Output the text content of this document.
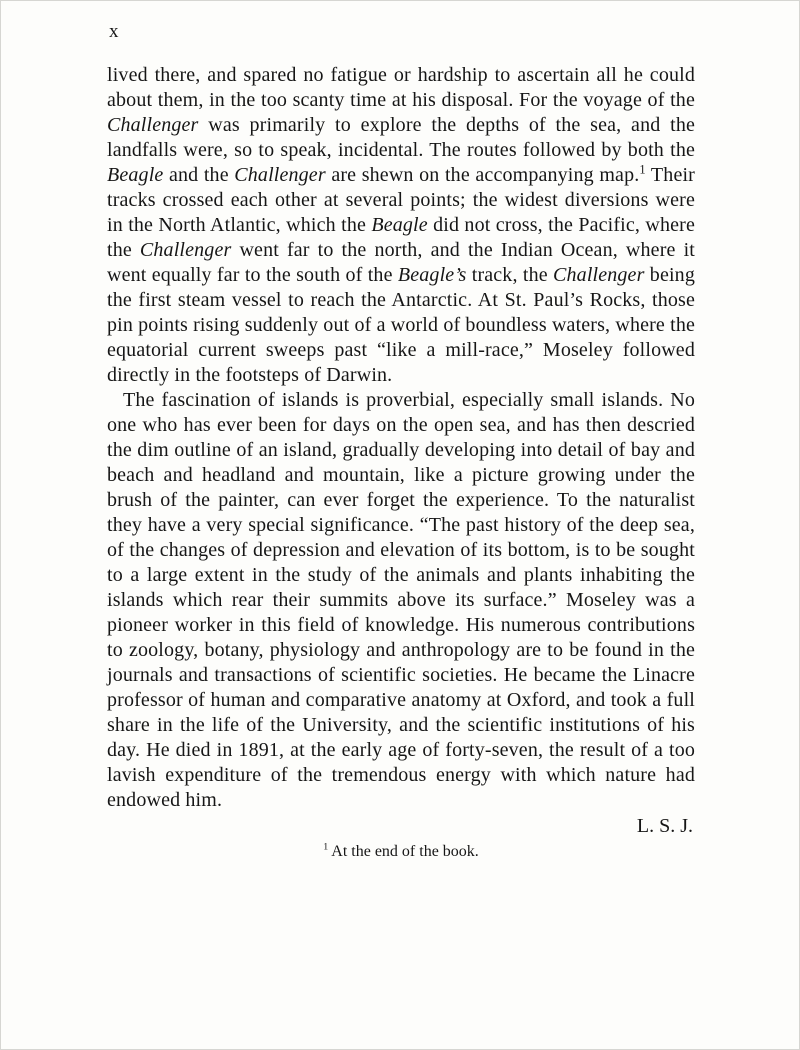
x

lived there, and spared no fatigue or hardship to ascertain all he could about them, in the too scanty time at his disposal. For the voyage of the Challenger was primarily to explore the depths of the sea, and the landfalls were, so to speak, incidental. The routes followed by both the Beagle and the Challenger are shewn on the accompanying map.$^1$ Their tracks crossed each other at several points; the widest diversions were in the North Atlantic, which the Beagle did not cross, the Pacific, where the Challenger went far to the north, and the Indian Ocean, where it went equally far to the south of the Beagle’s track, the Challenger being the first steam vessel to reach the Antarctic. At St. Paul’s Rocks, those pin points rising suddenly out of a world of boundless waters, where the equatorial current sweeps past “like a mill-race,” Moseley followed directly in the footsteps of Darwin.

The fascination of islands is proverbial, especially small islands. No one who has ever been for days on the open sea, and has then descried the dim outline of an island, gradually developing into detail of bay and beach and headland and mountain, like a picture growing under the brush of the painter, can ever forget the experience. To the naturalist they have a very special significance. “The past history of the deep sea, of the changes of depression and elevation of its bottom, is to be sought to a large extent in the study of the animals and plants inhabiting the islands which rear their summits above its surface.” Moseley was a pioneer worker in this field of knowledge. His numerous contributions to zoology, botany, physiology and anthropology are to be found in the journals and transactions of scientific societies. He became the Linacre professor of human and comparative anatomy at Oxford, and took a full share in the life of the University, and the scientific institutions of his day. He died in 1891, at the early age of forty-seven, the result of a too lavish expenditure of the tremendous energy with which nature had endowed him.

L. S. J.
$^1$ At the end of the book.
